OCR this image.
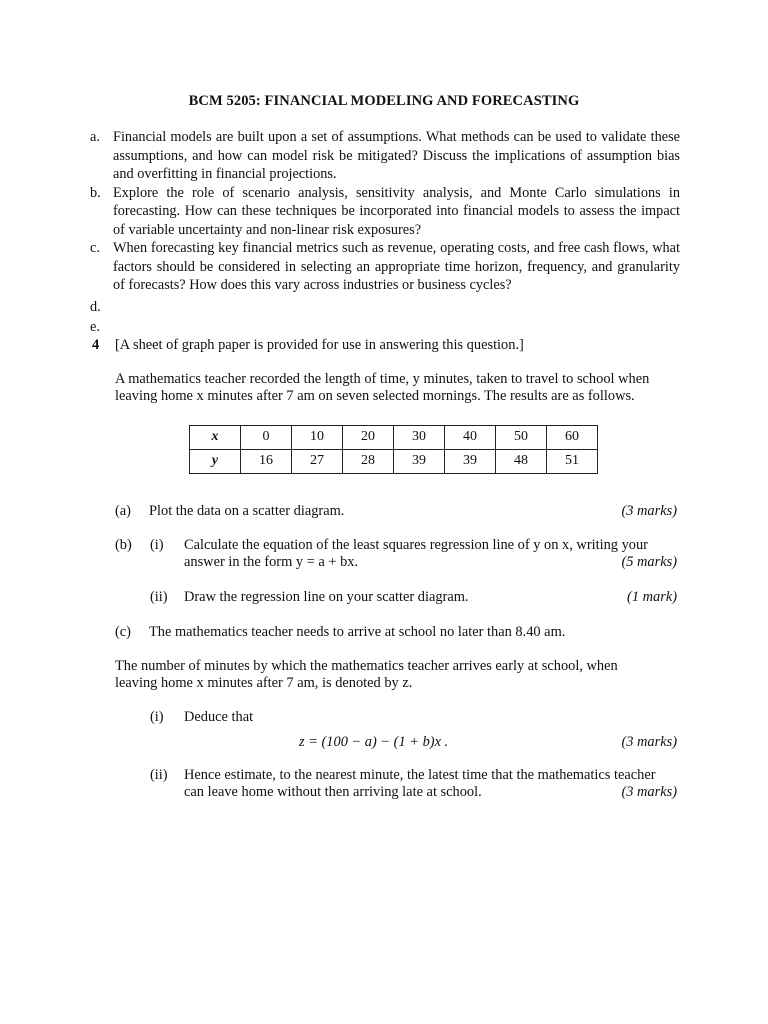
BCM 5205: FINANCIAL MODELING AND FORECASTING
a. Financial models are built upon a set of assumptions. What methods can be used to validate these assumptions, and how can model risk be mitigated? Discuss the implications of assumption bias and overfitting in financial projections.
b. Explore the role of scenario analysis, sensitivity analysis, and Monte Carlo simulations in forecasting. How can these techniques be incorporated into financial models to assess the impact of variable uncertainty and non-linear risk exposures?
c. When forecasting key financial metrics such as revenue, operating costs, and free cash flows, what factors should be considered in selecting an appropriate time horizon, frequency, and granularity of forecasts? How does this vary across industries or business cycles?
d.
e.
4	[A sheet of graph paper is provided for use in answering this question.]
A mathematics teacher recorded the length of time, y minutes, taken to travel to school when
leaving home x minutes after 7 am on seven selected mornings. The results are as follows.
x	0	10	20	30	40	50	60
y	16	27	28	39	39	48	51
(a) Plot the data on a scatter diagram.	(3 marks)
(b) (i) Calculate the equation of the least squares regression line of y on x, writing your
answer in the form y = a + bx.	(5 marks)
(ii) Draw the regression line on your scatter diagram.	(1 mark)
(c) The mathematics teacher needs to arrive at school no later than 8.40 am.
The number of minutes by which the mathematics teacher arrives early at school, when
leaving home x minutes after 7 am, is denoted by z.
(i) Deduce that
z = (100 − a) − (1 + b)x .	(3 marks)
(ii) Hence estimate, to the nearest minute, the latest time that the mathematics teacher
can leave home without then arriving late at school.	(3 marks)
